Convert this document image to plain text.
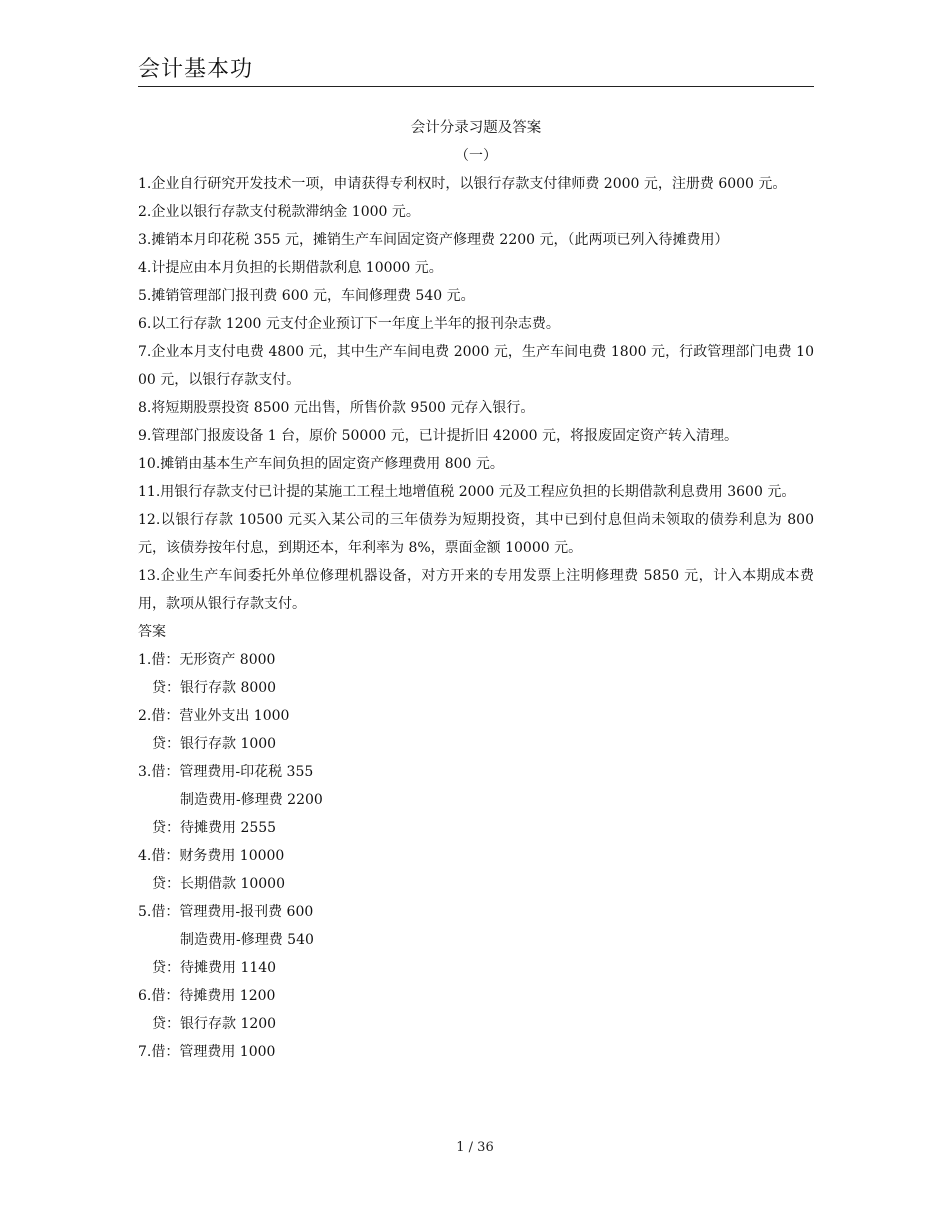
会计基本功
会计分录习题及答案
（一）

1.企业自行研究开发技术一项，申请获得专利权时，以银行存款支付律师费 2000 元，注册费 6000 元。

2.企业以银行存款支付税款滞纳金 1000 元。

3.摊销本月印花税 355 元，摊销生产车间固定资产修理费 2200 元，（此两项已列入待摊费用）

4.计提应由本月负担的长期借款利息 10000 元。

5.摊销管理部门报刊费 600 元，车间修理费 540 元。

6.以工行存款 1200 元支付企业预订下一年度上半年的报刊杂志费。

7.企业本月支付电费 4800 元，其中生产车间电费 2000 元，生产车间电费 1800 元，行政管理部门电费 1000 元，以银行存款支付。

8.将短期股票投资 8500 元出售，所售价款 9500 元存入银行。

9.管理部门报废设备 1 台，原价 50000 元，已计提折旧 42000 元，将报废固定资产转入清理。

10.摊销由基本生产车间负担的固定资产修理费用 800 元。

11.用银行存款支付已计提的某施工工程土地增值税 2000 元及工程应负担的长期借款利息费用 3600 元。

12.以银行存款 10500 元买入某公司的三年债券为短期投资，其中已到付息但尚未领取的债券利息为 800 元，该债券按年付息，到期还本，年利率为 8%，票面金额 10000 元。

13.企业生产车间委托外单位修理机器设备，对方开来的专用发票上注明修理费 5850 元，计入本期成本费用，款项从银行存款支付。

答案
1.借：无形资产 8000
贷：银行存款 8000
2.借：营业外支出 1000
贷：银行存款 1000
3.借：管理费用-印花税 355
制造费用-修理费 2200
贷：待摊费用 2555
4.借：财务费用 10000
贷：长期借款 10000
5.借：管理费用-报刊费 600
制造费用-修理费 540
贷：待摊费用 1140
6.借：待摊费用 1200
贷：银行存款 1200
7.借：管理费用 1000
1 / 36
